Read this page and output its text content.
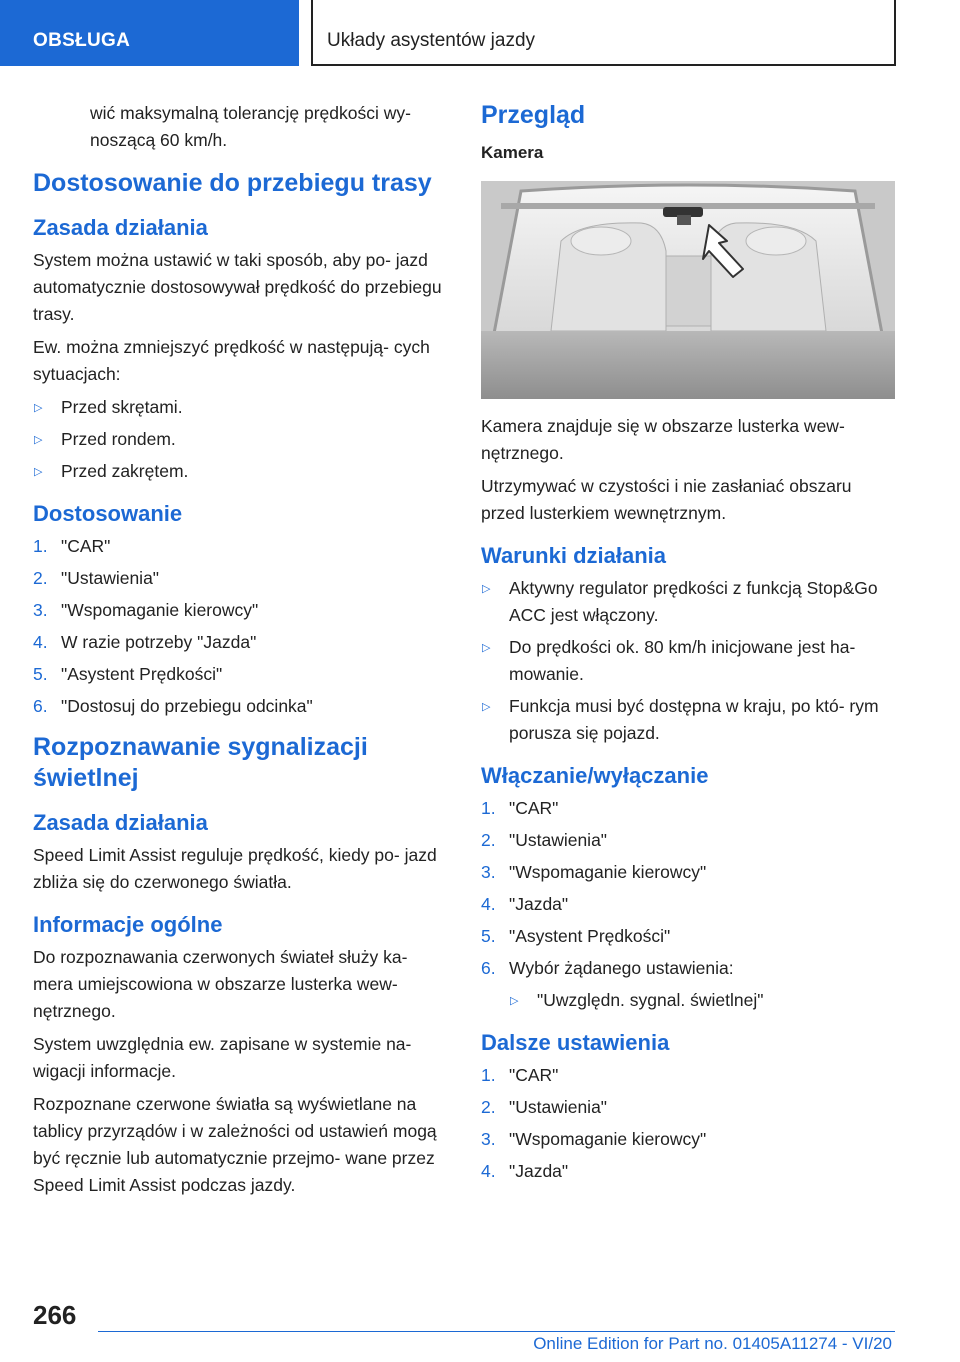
OBSŁUGA	Układy asystentów jazdy

wić maksymalną tolerancję prędkości wy- noszącą 60 km/h.

Dostosowanie do przebiegu trasy
Zasada działania

System można ustawić w taki sposób, aby po- jazd automatycznie dostosowywał prędkość do przebiegu trasy.

Ew. można zmniejszyć prędkość w następują- cych sytuacjach:

▷ Przed skrętami.
▷ Przed rondem.
▷ Przed zakrętem.
Dostosowanie
1. "CAR"
2. "Ustawienia"
3. "Wspomaganie kierowcy"
4. W razie potrzeby "Jazda"
5. "Asystent Prędkości"
6. "Dostosuj do przebiegu odcinka"
Rozpoznawanie sygnalizacji świetlnej
Zasada działania

Speed Limit Assist reguluje prędkość, kiedy po- jazd zbliża się do czerwonego światła.

Informacje ogólne

Do rozpoznawania czerwonych świateł służy ka- mera umiejscowiona w obszarze lusterka wew- nętrznego.

System uwzględnia ew. zapisane w systemie na- wigacji informacje.

Rozpoznane czerwone światła są wyświetlane na tablicy przyrządów i w zależności od ustawień mogą być ręcznie lub automatycznie przejmo- wane przez Speed Limit Assist podczas jazdy.

Przegląd
Kamera

Kamera znajduje się w obszarze lusterka wew- nętrznego.

Utrzymywać w czystości i nie zasłaniać obszaru przed lusterkiem wewnętrznym.

Warunki działania
▷ Aktywny regulator prędkości z funkcją Stop&Go ACC jest włączony.
▷ Do prędkości ok. 80 km/h inicjowane jest ha- mowanie.
▷ Funkcja musi być dostępna w kraju, po któ- rym porusza się pojazd.
Włączanie/wyłączanie
1. "CAR"
2. "Ustawienia"
3. "Wspomaganie kierowcy"
4. "Jazda"
5. "Asystent Prędkości"
6. Wybór żądanego ustawienia:
▷ "Uwzględn. sygnal. świetlnej"
Dalsze ustawienia
1. "CAR"
2. "Ustawienia"
3. "Wspomaganie kierowcy"
4. "Jazda"
266
Online Edition for Part no. 01405A11274 - VI/20
